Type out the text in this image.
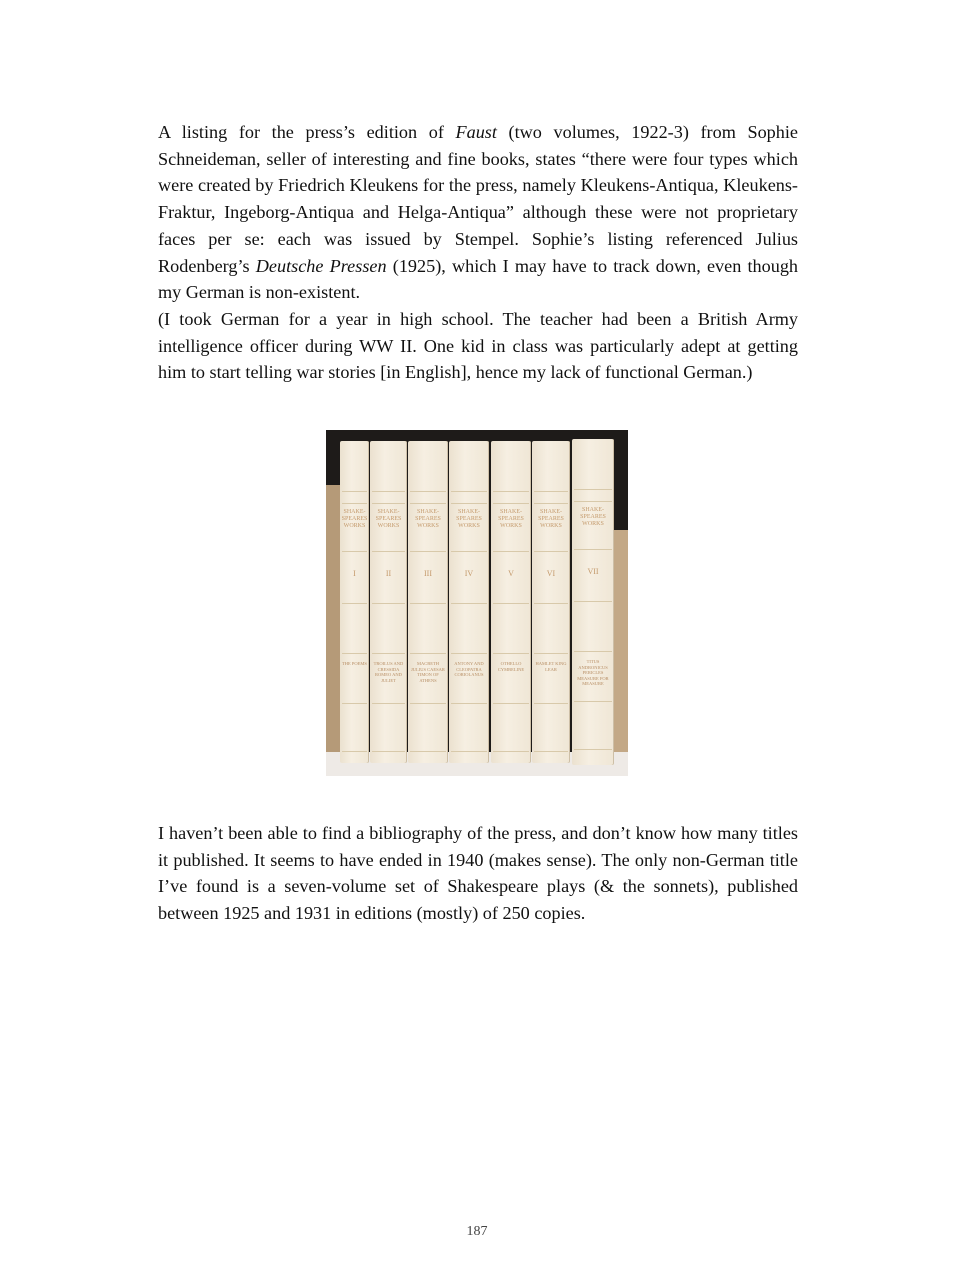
A listing for the press’s edition of Faust (two volumes, 1922-3) from Sophie Schneideman, seller of interesting and fine books, states “there were four types which were created by Friedrich Kleukens for the press, namely Kleukens-Antiqua, Kleukens-Fraktur, Ingeborg-Antiqua and Helga-Antiqua” although these were not proprietary faces per se: each was issued by Stempel. Sophie’s listing referenced Julius Rodenberg’s Deutsche Pressen (1925), which I may have to track down, even though my German is non-existent.

(I took German for a year in high school. The teacher had been a British Army intelligence officer during WW II. One kid in class was particularly adept at getting him to start telling war stories [in English], hence my lack of functional German.)

SHAKE-SPEARES WORKS
I
THE POEMS
SHAKE-SPEARES WORKS
II
TROILUS AND CRESSIDA ROMEO AND JULIET
SHAKE-SPEARES WORKS
III
MACBETH JULIUS CAESAR TIMON OF ATHENS
SHAKE-SPEARES WORKS
IV
ANTONY AND CLEOPATRA CORIOLANUS
SHAKE-SPEARES WORKS
V
OTHELLO CYMBELINE
SHAKE-SPEARES WORKS
VI
HAMLET KING LEAR
SHAKE-SPEARES WORKS
VII
TITUS ANDRONICUS PERICLES MEASURE FOR MEASURE

I haven’t been able to find a bibliography of the press, and don’t know how many titles it published. It seems to have ended in 1940 (makes sense). The only non-German title I’ve found is a seven-volume set of Shakespeare plays (& the sonnets), published between 1925 and 1931 in editions (mostly) of 250 copies.

187
